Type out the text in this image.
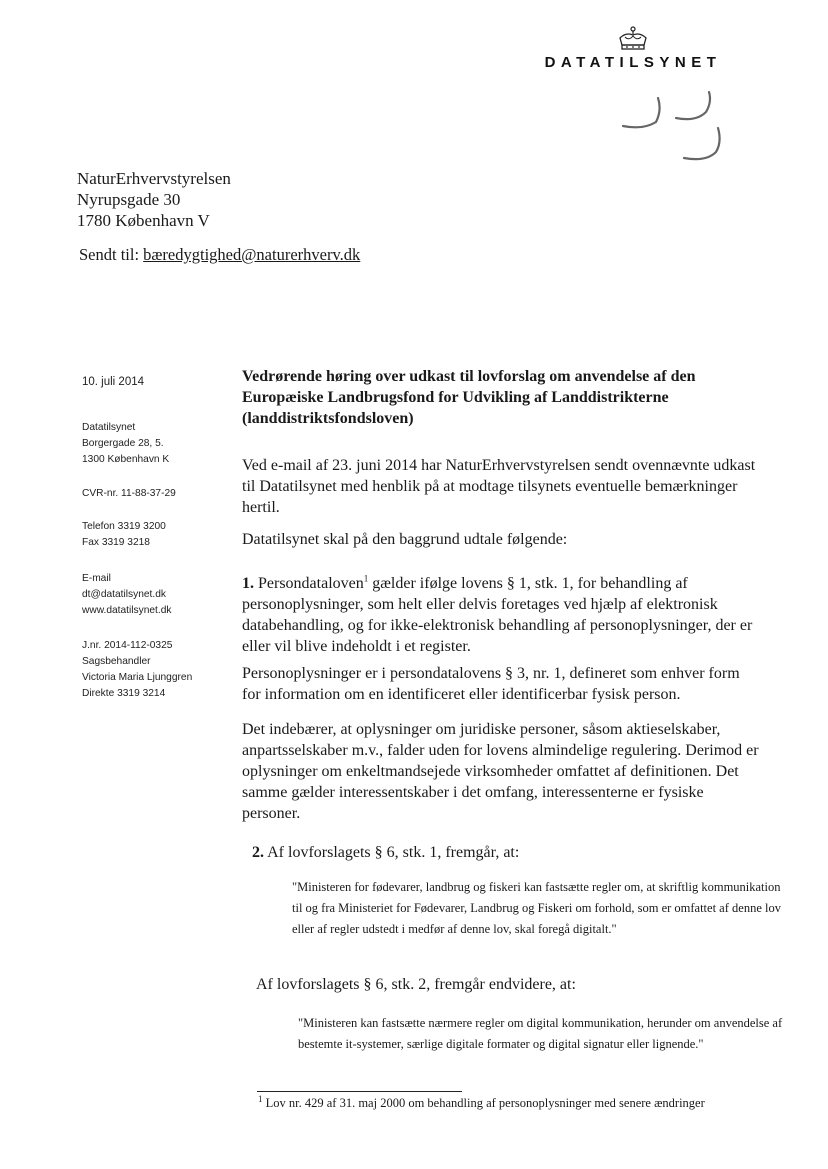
DATATILSYNET
NaturErhvervstyrelsen
Nyrupsgade 30
1780 København V
Sendt til: bæredygtighed@naturerhverv.dk
10. juli 2014
Datatilsynet
Borgergade 28, 5.
1300 København K
CVR-nr. 11-88-37-29
Telefon 3319 3200
Fax 3319 3218
E-mail
dt@datatilsynet.dk
www.datatilsynet.dk
J.nr. 2014-112-0325
Sagsbehandler
Victoria Maria Ljunggren
Direkte 3319 3214
Vedrørende høring over udkast til lovforslag om anvendelse af den Europæiske Landbrugsfond for Udvikling af Landdistrikterne (landdistriktsfondsloven)
Ved e-mail af 23. juni 2014 har NaturErhvervstyrelsen sendt ovennævnte udkast til Datatilsynet med henblik på at modtage tilsynets eventuelle bemærkninger hertil.
Datatilsynet skal på den baggrund udtale følgende:
1. Persondataloven$^1$ gælder ifølge lovens § 1, stk. 1, for behandling af personoplysninger, som helt eller delvis foretages ved hjælp af elektronisk databehandling, og for ikke-elektronisk behandling af personoplysninger, der er eller vil blive indeholdt i et register.
Personoplysninger er i persondatalovens § 3, nr. 1, defineret som enhver form for information om en identificeret eller identificerbar fysisk person.
Det indebærer, at oplysninger om juridiske personer, såsom aktieselskaber, anpartsselskaber m.v., falder uden for lovens almindelige regulering. Derimod er oplysninger om enkeltmandsejede virksomheder omfattet af definitionen. Det samme gælder interessentskaber i det omfang, interessenterne er fysiske personer.
2. Af lovforslagets § 6, stk. 1, fremgår, at:
"Ministeren for fødevarer, landbrug og fiskeri kan fastsætte regler om, at skriftlig kommunikation til og fra Ministeriet for Fødevarer, Landbrug og Fiskeri om forhold, som er omfattet af denne lov eller af regler udstedt i medfør af denne lov, skal foregå digitalt."
Af lovforslagets § 6, stk. 2, fremgår endvidere, at:
"Ministeren kan fastsætte nærmere regler om digital kommunikation, herunder om anvendelse af bestemte it-systemer, særlige digitale formater og digital signatur eller lignende."
$^1$ Lov nr. 429 af 31. maj 2000 om behandling af personoplysninger med senere ændringer
